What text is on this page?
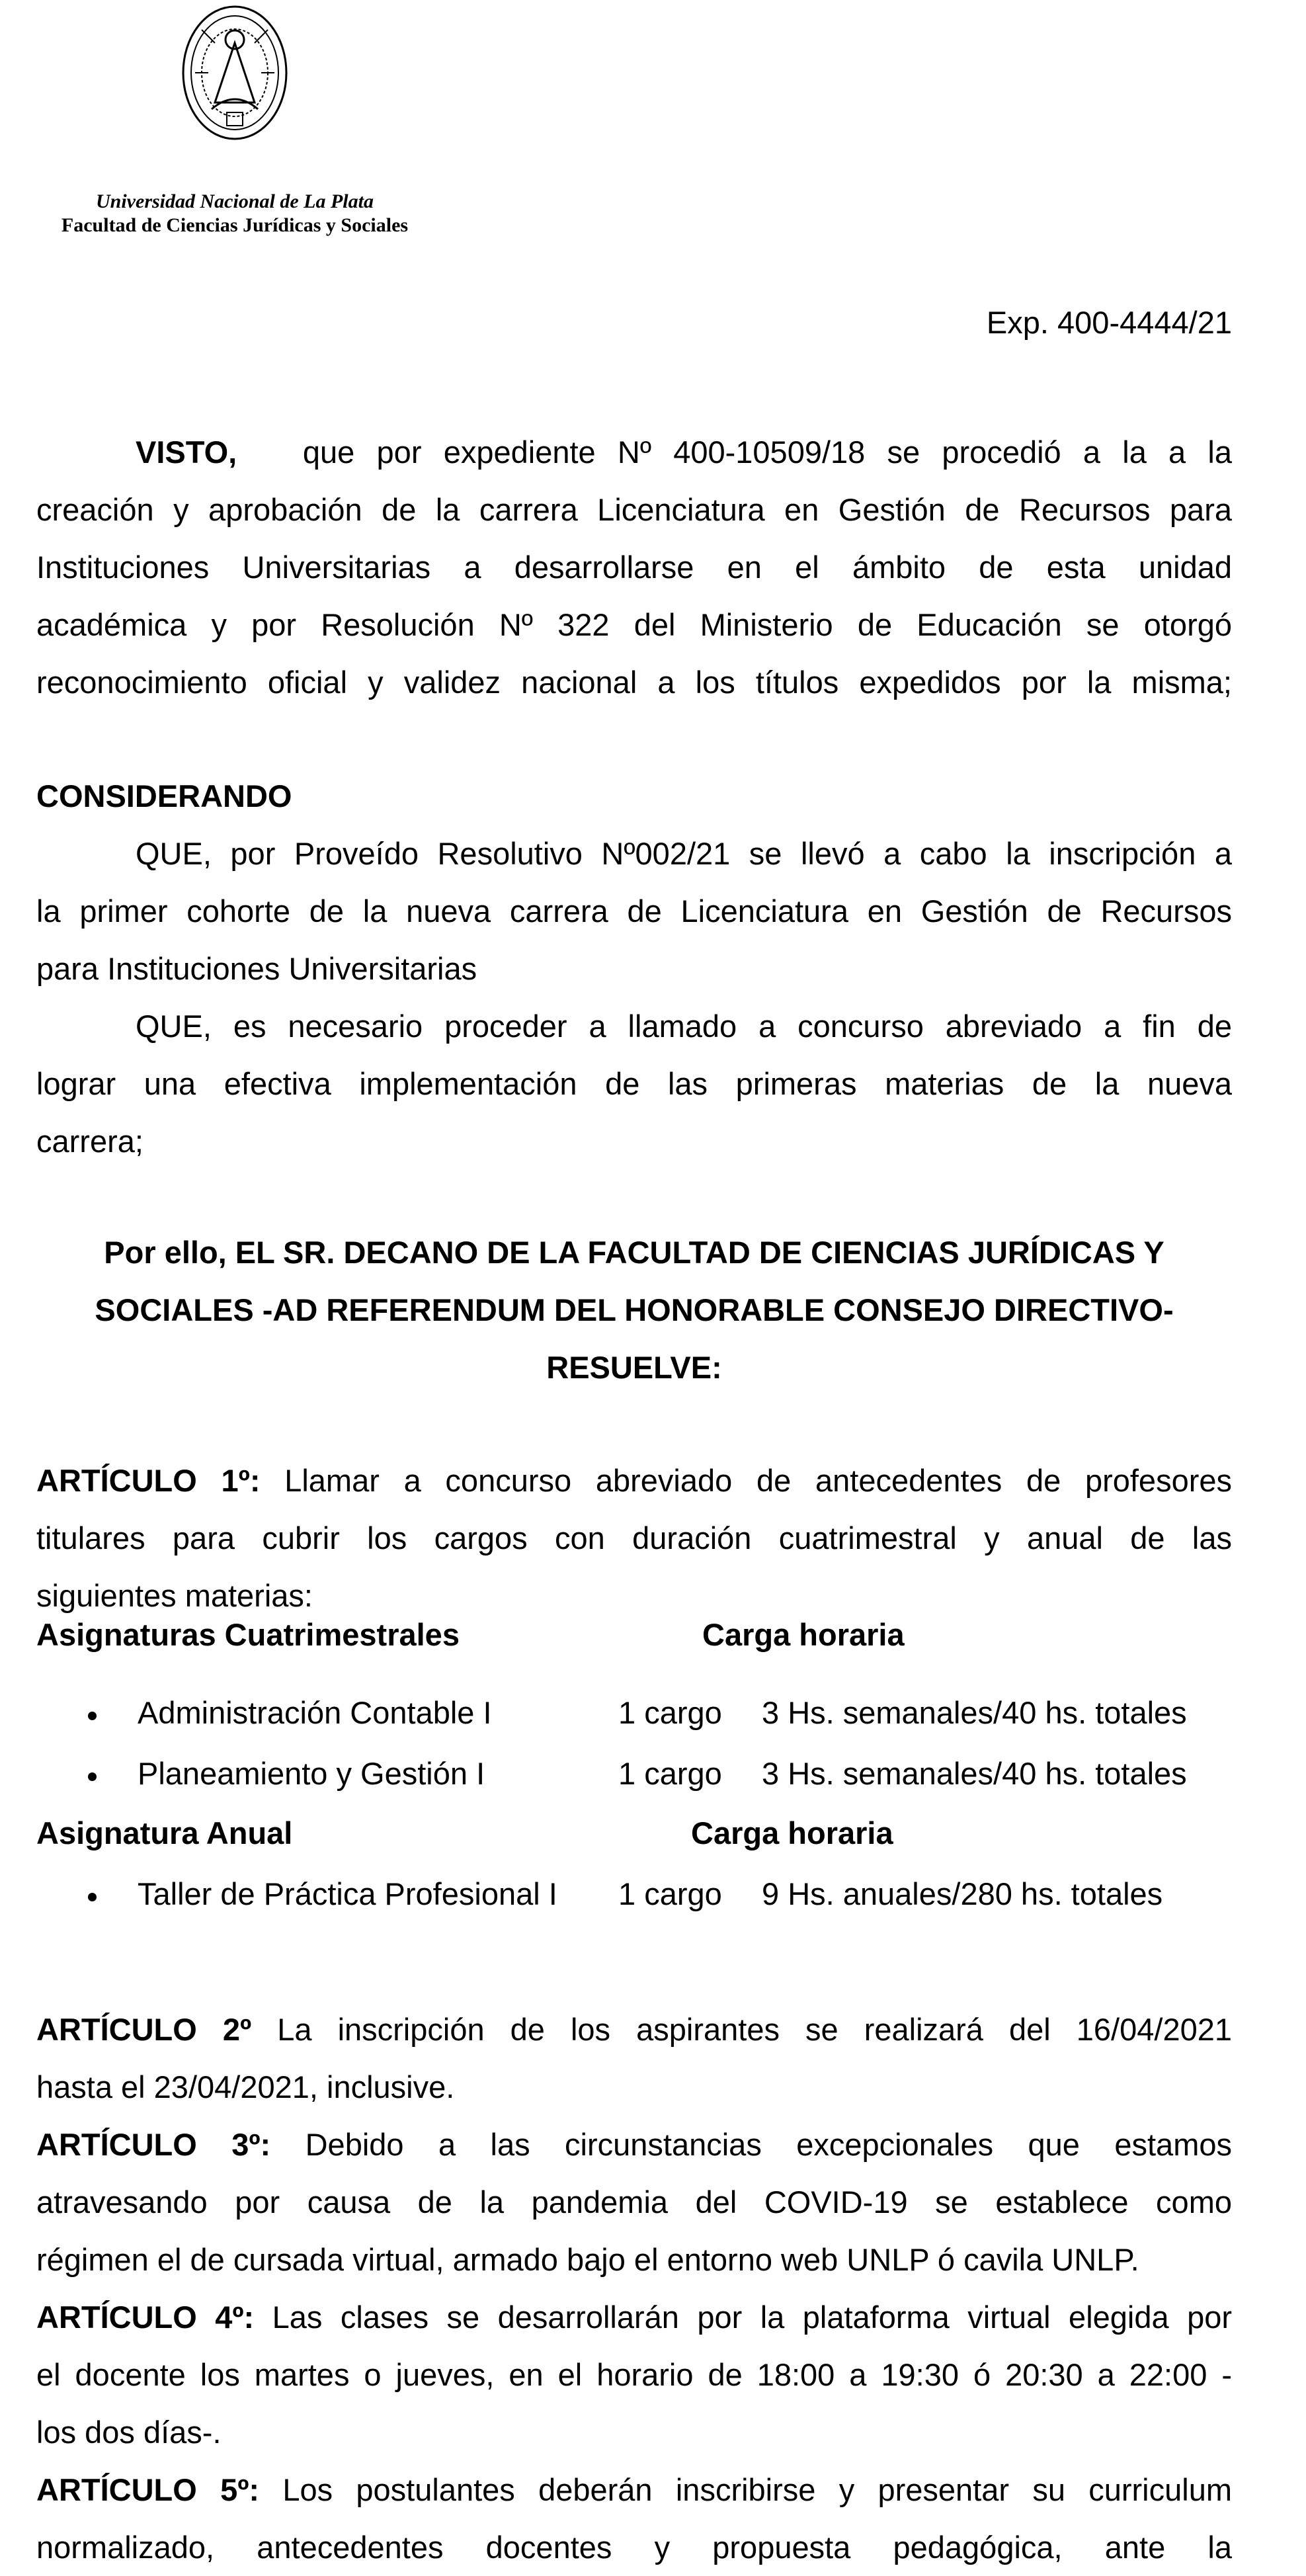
Universidad Nacional de La Plata
Facultad de Ciencias Jurídicas y Sociales
Exp. 400-4444/21
VISTO, que por expediente Nº 400-10509/18 se procedió a la a la
creación y aprobación de la carrera Licenciatura en Gestión de Recursos para
Instituciones Universitarias a desarrollarse en el ámbito de esta unidad
académica y por Resolución Nº 322 del Ministerio de Educación se otorgó
reconocimiento oficial y validez nacional a los títulos expedidos por la misma;
CONSIDERANDO
QUE, por Proveído Resolutivo Nº002/21 se llevó a cabo la inscripción a
la primer cohorte de la nueva carrera de Licenciatura en Gestión de Recursos
para Instituciones Universitarias
QUE, es necesario proceder a llamado a concurso abreviado a fin de
lograr una efectiva implementación de las primeras materias de la nueva
carrera;
Por ello, EL SR. DECANO DE LA FACULTAD DE CIENCIAS JURÍDICAS Y
SOCIALES -AD REFERENDUM DEL HONORABLE CONSEJO DIRECTIVO-
RESUELVE:
ARTÍCULO 1º: Llamar a concurso abreviado de antecedentes de profesores
titulares para cubrir los cargos con duración cuatrimestral y anual de las
siguientes materias:
Asignaturas Cuatrimestrales	Carga horaria
Administración Contable I	1 cargo 3 Hs. semanales/40 hs. totales
Planeamiento y Gestión I	1 cargo 3 Hs. semanales/40 hs. totales
Asignatura Anual	Carga horaria
Taller de Práctica Profesional I 1 cargo 9 Hs. anuales/280 hs. totales
ARTÍCULO 2º La inscripción de los aspirantes se realizará del 16/04/2021
hasta el 23/04/2021, inclusive.
ARTÍCULO 3º: Debido a las circunstancias excepcionales que estamos
atravesando por causa de la pandemia del COVID-19 se establece como
régimen el de cursada virtual, armado bajo el entorno web UNLP ó cavila UNLP.
ARTÍCULO 4º: Las clases se desarrollarán por la plataforma virtual elegida por
el docente los martes o jueves, en el horario de 18:00 a 19:30 ó 20:30 a 22:00 -
los dos días-.
ARTÍCULO 5º: Los postulantes deberán inscribirse y presentar su curriculum
normalizado, antecedentes docentes y propuesta pedagógica, ante la
